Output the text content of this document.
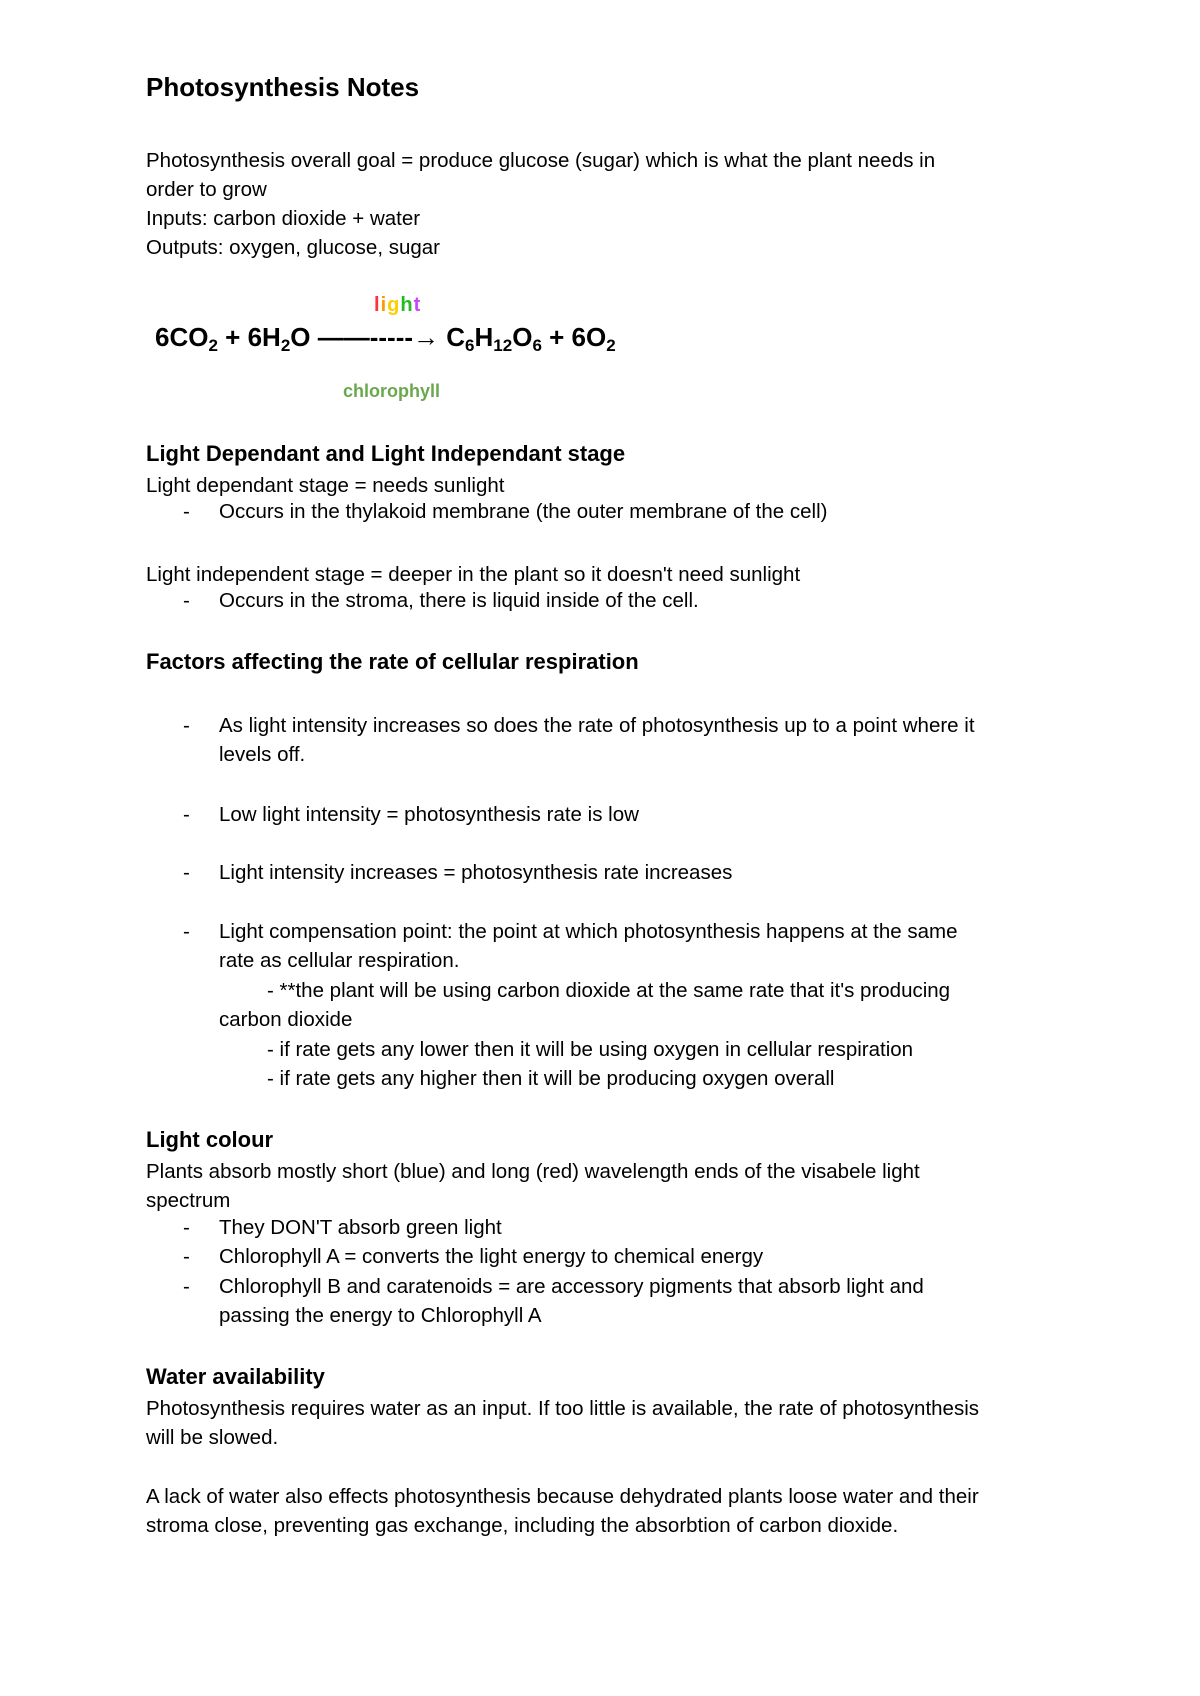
Photosynthesis Notes
Photosynthesis overall goal = produce glucose (sugar) which is what the plant needs in
order to grow
Inputs: carbon dioxide + water
Outputs: oxygen, glucose, sugar
light
$6CO_2 + 6H_2O$ ——-----→ $C_6H_{12}O_6 + 6O_2$
chlorophyll
Light Dependant and Light Independant stage
Light dependant stage = needs sunlight
- Occurs in the thylakoid membrane (the outer membrane of the cell)
Light independent stage = deeper in the plant so it doesn't need sunlight
- Occurs in the stroma, there is liquid inside of the cell.
Factors affecting the rate of cellular respiration
- As light intensity increases so does the rate of photosynthesis up to a point where it
levels off.
- Low light intensity = photosynthesis rate is low
- Light intensity increases = photosynthesis rate increases
- Light compensation point: the point at which photosynthesis happens at the same
rate as cellular respiration.
- **the plant will be using carbon dioxide at the same rate that it's producing
carbon dioxide
- if rate gets any lower then it will be using oxygen in cellular respiration
- if rate gets any higher then it will be producing oxygen overall
Light colour
Plants absorb mostly short (blue) and long (red) wavelength ends of the visabele light
spectrum
- They DON'T absorb green light
- Chlorophyll A = converts the light energy to chemical energy
- Chlorophyll B and caratenoids = are accessory pigments that absorb light and
passing the energy to Chlorophyll A
Water availability
Photosynthesis requires water as an input. If too little is available, the rate of photosynthesis
will be slowed.
A lack of water also effects photosynthesis because dehydrated plants loose water and their
stroma close, preventing gas exchange, including the absorbtion of carbon dioxide.
